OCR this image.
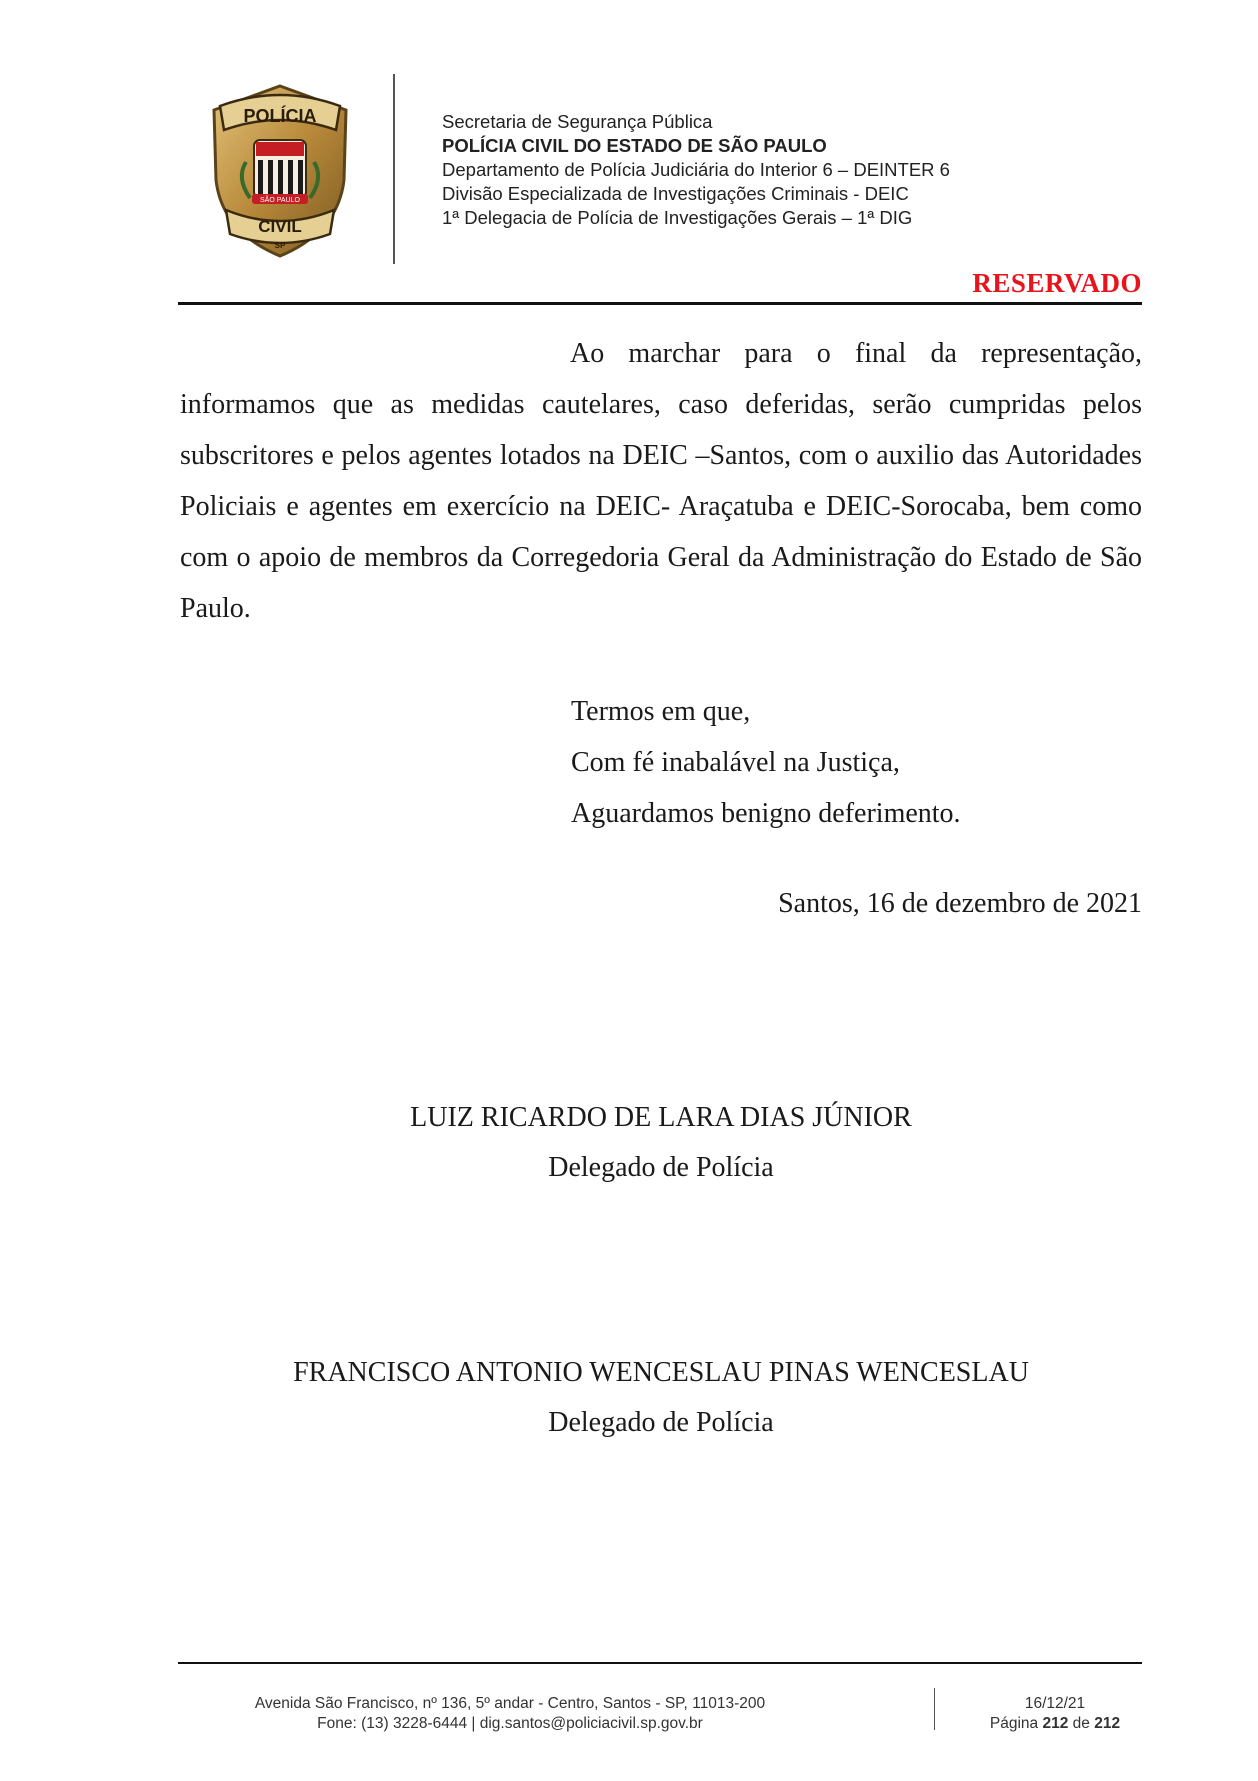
POLÍCIA
SÃO PAULO
CIVIL
SP
Secretaria de Segurança Pública
POLÍCIA CIVIL DO ESTADO DE SÃO PAULO
Departamento de Polícia Judiciária do Interior 6 – DEINTER 6
Divisão Especializada de Investigações Criminais - DEIC
1ª Delegacia de Polícia de Investigações Gerais – 1ª DIG
RESERVADO
Ao marchar para o final da representação, informamos que as medidas cautelares, caso deferidas, serão cumpridas pelos subscritores e pelos agentes lotados na DEIC –Santos, com o auxilio das Autoridades Policiais e agentes em exercício na DEIC- Araçatuba e DEIC-Sorocaba, bem como com o apoio de membros da Corregedoria Geral da Administração do Estado de São Paulo.
Termos em que,
Com fé inabalável na Justiça,
Aguardamos benigno deferimento.
Santos, 16 de dezembro de 2021
LUIZ RICARDO DE LARA DIAS JÚNIOR
Delegado de Polícia
FRANCISCO ANTONIO WENCESLAU PINAS WENCESLAU
Delegado de Polícia
Avenida São Francisco, nº 136, 5º andar - Centro, Santos - SP, 11013-200
Fone: (13) 3228-6444 | dig.santos@policiacivil.sp.gov.br
16/12/21
Página 212 de 212
